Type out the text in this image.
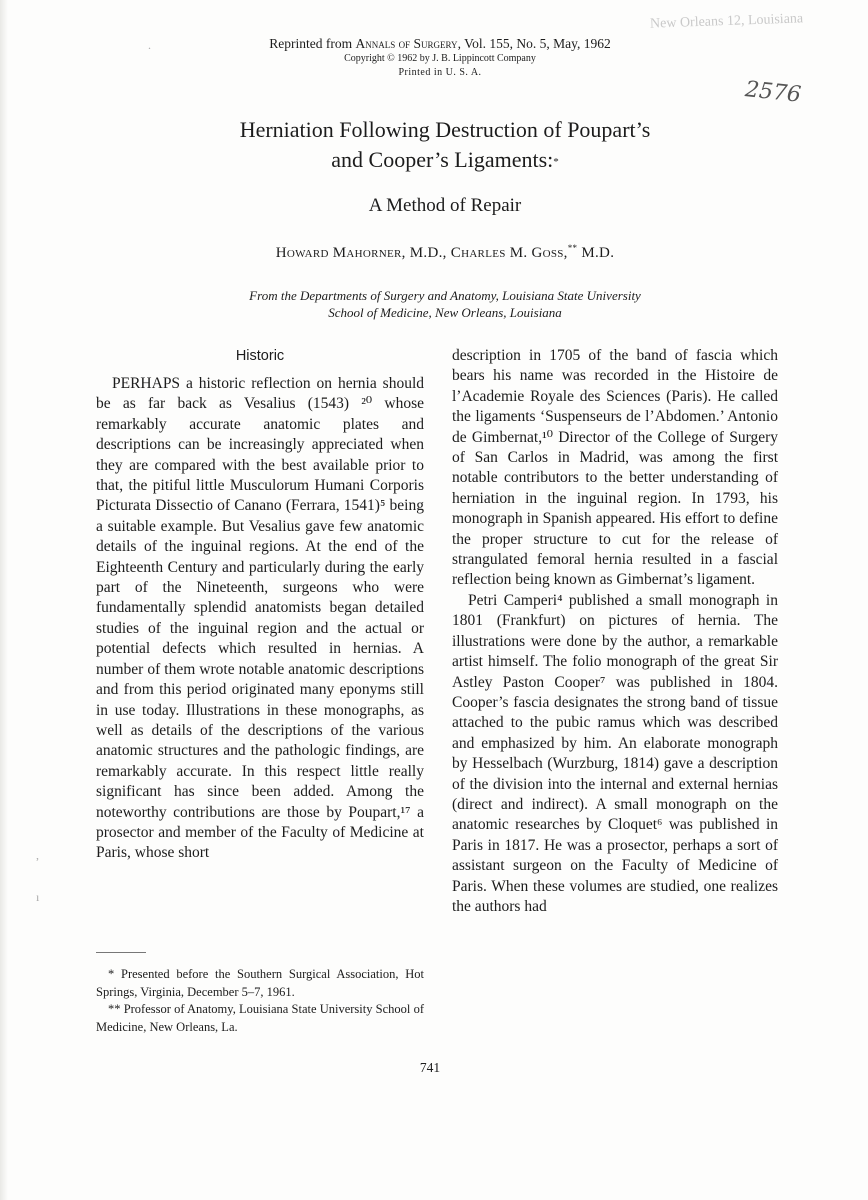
Reprinted from Annals of Surgery, Vol. 155, No. 5, May, 1962
Copyright © 1962 by J. B. Lippincott Company
Printed in U. S. A.
New Orleans 12, Louisiana
2576
Herniation Following Destruction of Poupart’s
and Cooper’s Ligaments:*
A Method of Repair
Howard Mahorner, M.D., Charles M. Goss,** M.D.
From the Departments of Surgery and Anatomy, Louisiana State University
School of Medicine, New Orleans, Louisiana
Historic

PERHAPS a historic reflection on hernia should be as far back as Vesalius (1543) ²⁰ whose remarkably accurate anatomic plates and descriptions can be increasingly appreciated when they are compared with the best available prior to that, the pitiful little Musculorum Humani Corporis Picturata Dissectio of Canano (Ferrara, 1541)⁵ being a suitable example. But Vesalius gave few anatomic details of the inguinal regions. At the end of the Eighteenth Century and particularly during the early part of the Nineteenth, surgeons who were fundamentally splendid anatomists began detailed studies of the inguinal region and the actual or potential defects which resulted in hernias. A number of them wrote notable anatomic descriptions and from this period originated many eponyms still in use today. Illustrations in these monographs, as well as details of the descriptions of the various anatomic structures and the pathologic findings, are remarkably accurate. In this respect little really significant has since been added. Among the noteworthy contributions are those by Poupart,¹⁷ a prosector and member of the Faculty of Medicine at Paris, whose short

description in 1705 of the band of fascia which bears his name was recorded in the Histoire de l’Academie Royale des Sciences (Paris). He called the ligaments ‘Suspenseurs de l’Abdomen.’ Antonio de Gimbernat,¹⁰ Director of the College of Surgery of San Carlos in Madrid, was among the first notable contributors to the better understanding of herniation in the inguinal region. In 1793, his monograph in Spanish appeared. His effort to define the proper structure to cut for the release of strangulated femoral hernia resulted in a fascial reflection being known as Gimbernat’s ligament.

Petri Camperi⁴ published a small monograph in 1801 (Frankfurt) on pictures of hernia. The illustrations were done by the author, a remarkable artist himself. The folio monograph of the great Sir Astley Paston Cooper⁷ was published in 1804. Cooper’s fascia designates the strong band of tissue attached to the pubic ramus which was described and emphasized by him. An elaborate monograph by Hesselbach (Wurzburg, 1814) gave a description of the division into the internal and external hernias (direct and indirect). A small monograph on the anatomic researches by Cloquet⁶ was published in Paris in 1817. He was a prosector, perhaps a sort of assistant surgeon on the Faculty of Medicine of Paris. When these volumes are studied, one realizes the authors had

* Presented before the Southern Surgical Association, Hot Springs, Virginia, December 5–7, 1961.

** Professor of Anatomy, Louisiana State University School of Medicine, New Orleans, La.

741
,
ı
.
